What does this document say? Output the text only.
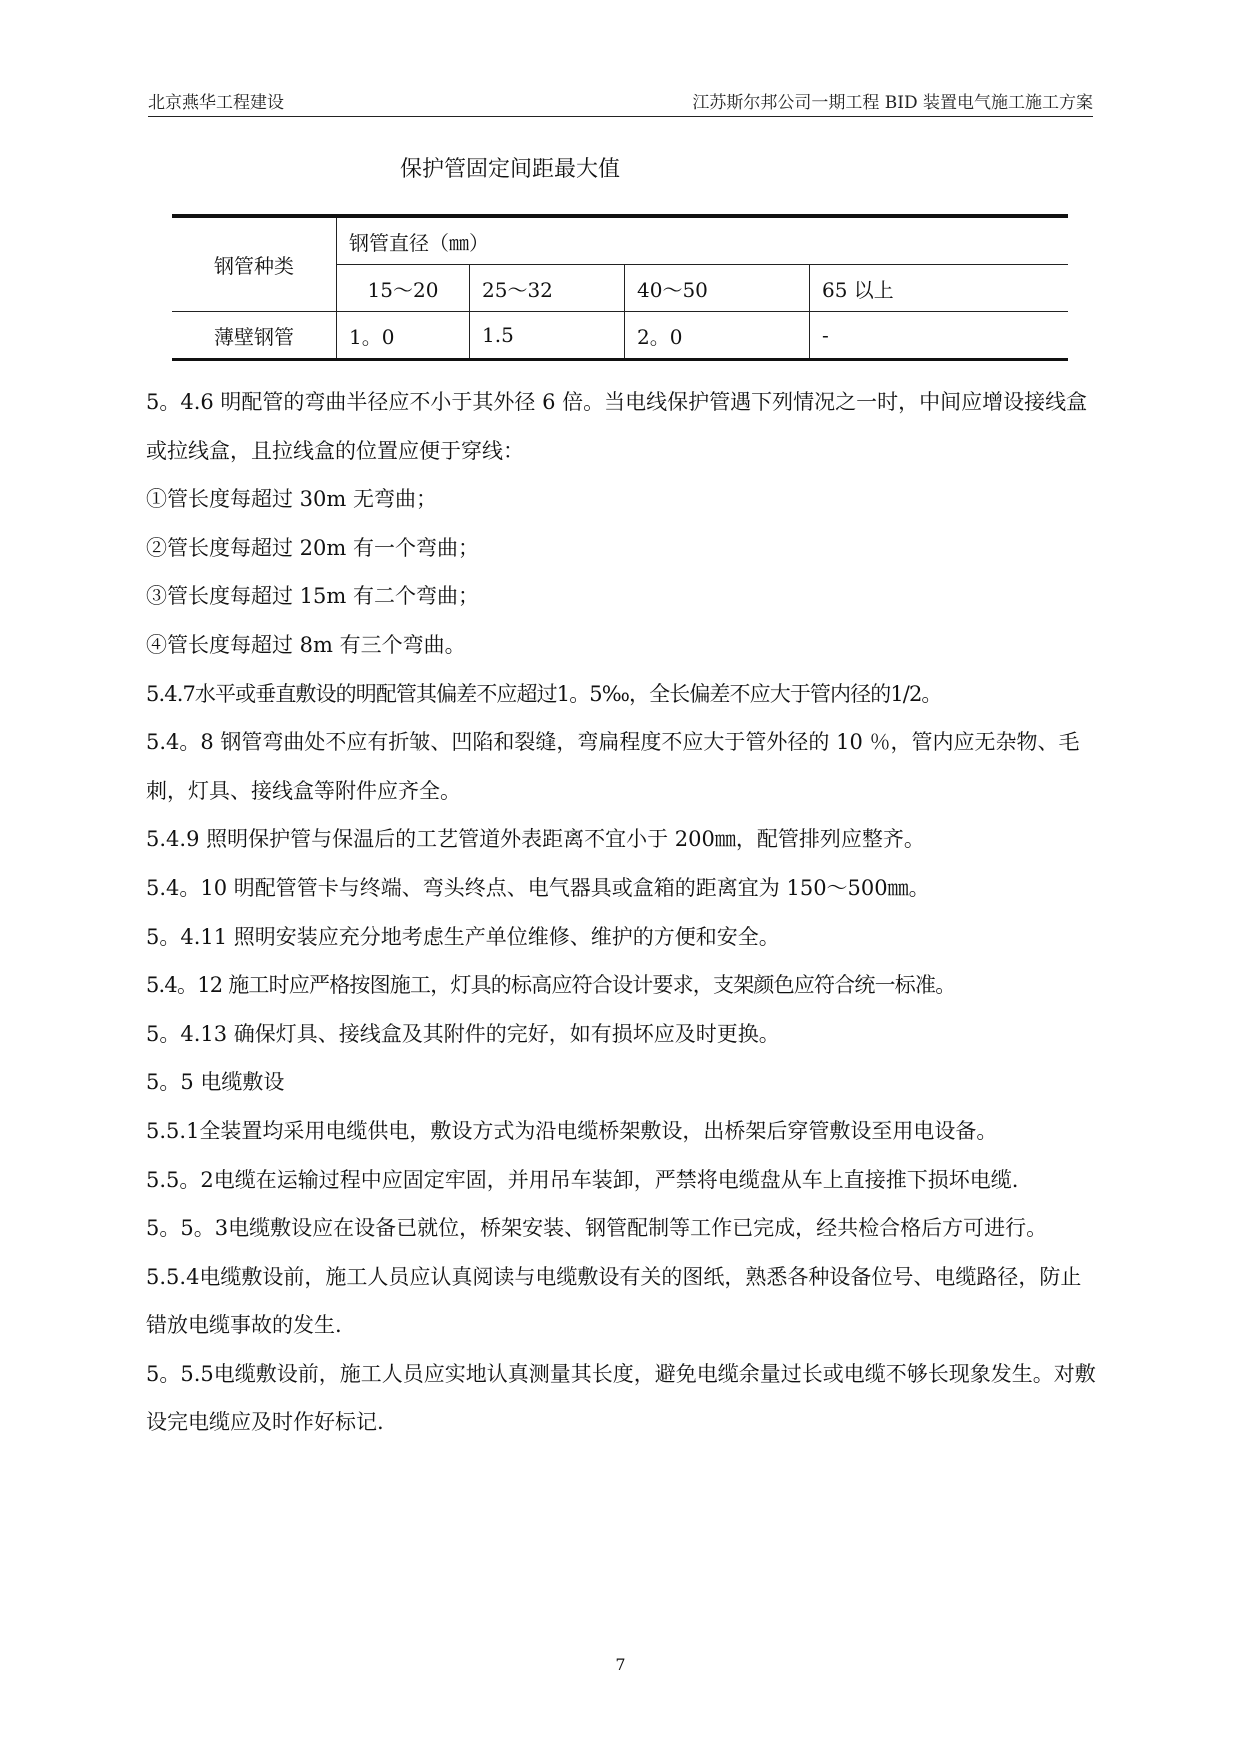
北京燕华工程建设	江苏斯尔邦公司一期工程 BID 装置电气施工施工方案
保护管固定间距最大值
钢管种类	钢管直径（㎜）			
	15～20	25～32	40～50	65 以上
薄壁钢管	1。0	1.5	2。0	-

5。4.6 明配管的弯曲半径应不小于其外径 6 倍。当电线保护管遇下列情况之一时，中间应增设接线盒或拉线盒，且拉线盒的位置应便于穿线：

①管长度每超过 30m 无弯曲；

②管长度每超过 20m 有一个弯曲；

③管长度每超过 15m 有二个弯曲；

④管长度每超过 8m 有三个弯曲。

5.4.7水平或垂直敷设的明配管其偏差不应超过1。5‰，全长偏差不应大于管内径的1/2。

5.4。8 钢管弯曲处不应有折皱、凹陷和裂缝，弯扁程度不应大于管外径的 10 ％，管内应无杂物、毛刺，灯具、接线盒等附件应齐全。

5.4.9 照明保护管与保温后的工艺管道外表距离不宜小于 200㎜，配管排列应整齐。

5.4。10 明配管管卡与终端、弯头终点、电气器具或盒箱的距离宜为 150～500㎜。

5。4.11 照明安装应充分地考虑生产单位维修、维护的方便和安全。

5.4。12 施工时应严格按图施工，灯具的标高应符合设计要求，支架颜色应符合统一标准。

5。4.13 确保灯具、接线盒及其附件的完好，如有损坏应及时更换。

5。5 电缆敷设

5.5.1全装置均采用电缆供电，敷设方式为沿电缆桥架敷设，出桥架后穿管敷设至用电设备。

5.5。2电缆在运输过程中应固定牢固，并用吊车装卸，严禁将电缆盘从车上直接推下损坏电缆.

5。5。3电缆敷设应在设备已就位，桥架安装、钢管配制等工作已完成，经共检合格后方可进行。

5.5.4电缆敷设前，施工人员应认真阅读与电缆敷设有关的图纸，熟悉各种设备位号、电缆路径，防止错放电缆事故的发生.

5。5.5电缆敷设前，施工人员应实地认真测量其长度，避免电缆余量过长或电缆不够长现象发生。对敷设完电缆应及时作好标记.

7
